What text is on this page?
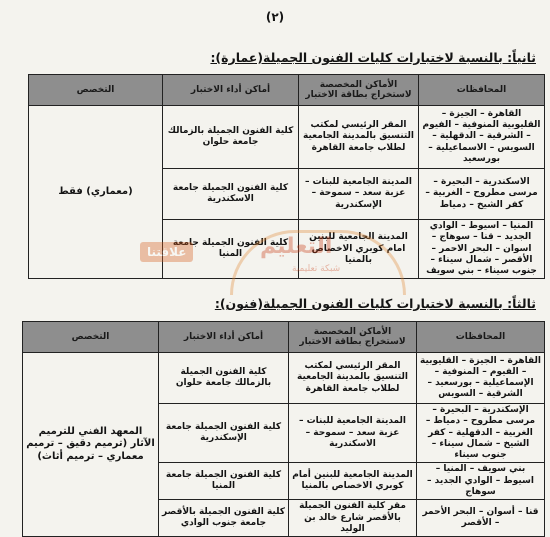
(٢)
ثانياً: بالنسبة لاختبارات كليات الفنون الجميلة(عمارة):
المحافظات	الأماكن المخصصة لاستخراج بطاقة الاختبار	أماكن أداء الاختبار	التخصص
القاهرة – الجيزة – القليوبية المنوفية – الفيوم – الشرقية – الدقهلية – السويس – الاسماعيلية – بورسعيد	المقر الرئيسي لمكتب التنسيق بالمدينة الجامعية لطلاب جامعة القاهرة	كلية الفنون الجميلة بالزمالك جامعة حلوان	(معماري) فقط
الاسكندرية – البحيرة – مرسى مطروح – الغربية – كفر الشيخ – دمياط	المدينة الجامعية للبنات – عزبة سعد – سموحة – الإسكندرية	كلية الفنون الجميلة جامعة الاسكندرية	
المنيا – اسيوط – الوادي الجديد – قنا – سوهاج – اسوان – البحر الاحمر – الأقصر – شمال سيناء – جنوب سيناء – بني سويف	المدينة الجامعية للبنين امام كوبري الاخصاص بالمنيا	كلية الفنون الجميلة جامعة المنيا	
علاقتنا	التعليم
شبكة تعليمية
ثالثاً: بالنسبة لاختبارات كليات الفنون الجميلة(فنون):
المحافظات	الأماكن المخصصة لاستخراج بطاقة الاختبار	أماكن أداء الاختبار	التخصص
القاهرة – الجيزة – القليوبية – الفيوم – المنوفية – الإسماعيلية – بورسعيد – الشرقية – السويس	المقر الرئيسي لمكتب التنسيق بالمدينة الجامعية لطلاب جامعة القاهرة	كلية الفنون الجميلة بالزمالك جامعة حلوان	المعهد الفني للترميم الآثار (ترميم دقيق – ترميم معماري – ترميم أثاث)
الإسكندرية – البحيرة – مرسى مطروح – دمياط – الغربية – الدقهلية – كفر الشيخ – شمال سيناء – جنوب سيناء	المدينة الجامعية للبنات – عزبة سعد – سموحة – الاسكندرية	كلية الفنون الجميلة جامعة الإسكندرية	
بني سويف – المنيا – اسيوط – الوادي الجديد – سوهاج	المدينة الجامعية للبنين أمام كوبري الاخصاص بالمنيا	كلية الفنون الجميلة جامعة المنيا	
قنا – أسوان – البحر الأحمر – الأقصر	مقر كلية الفنون الجميلة بالأقصر شارع خالد بن الوليد	كلية الفنون الجميلة بالأقصر جامعة جنوب الوادي	
